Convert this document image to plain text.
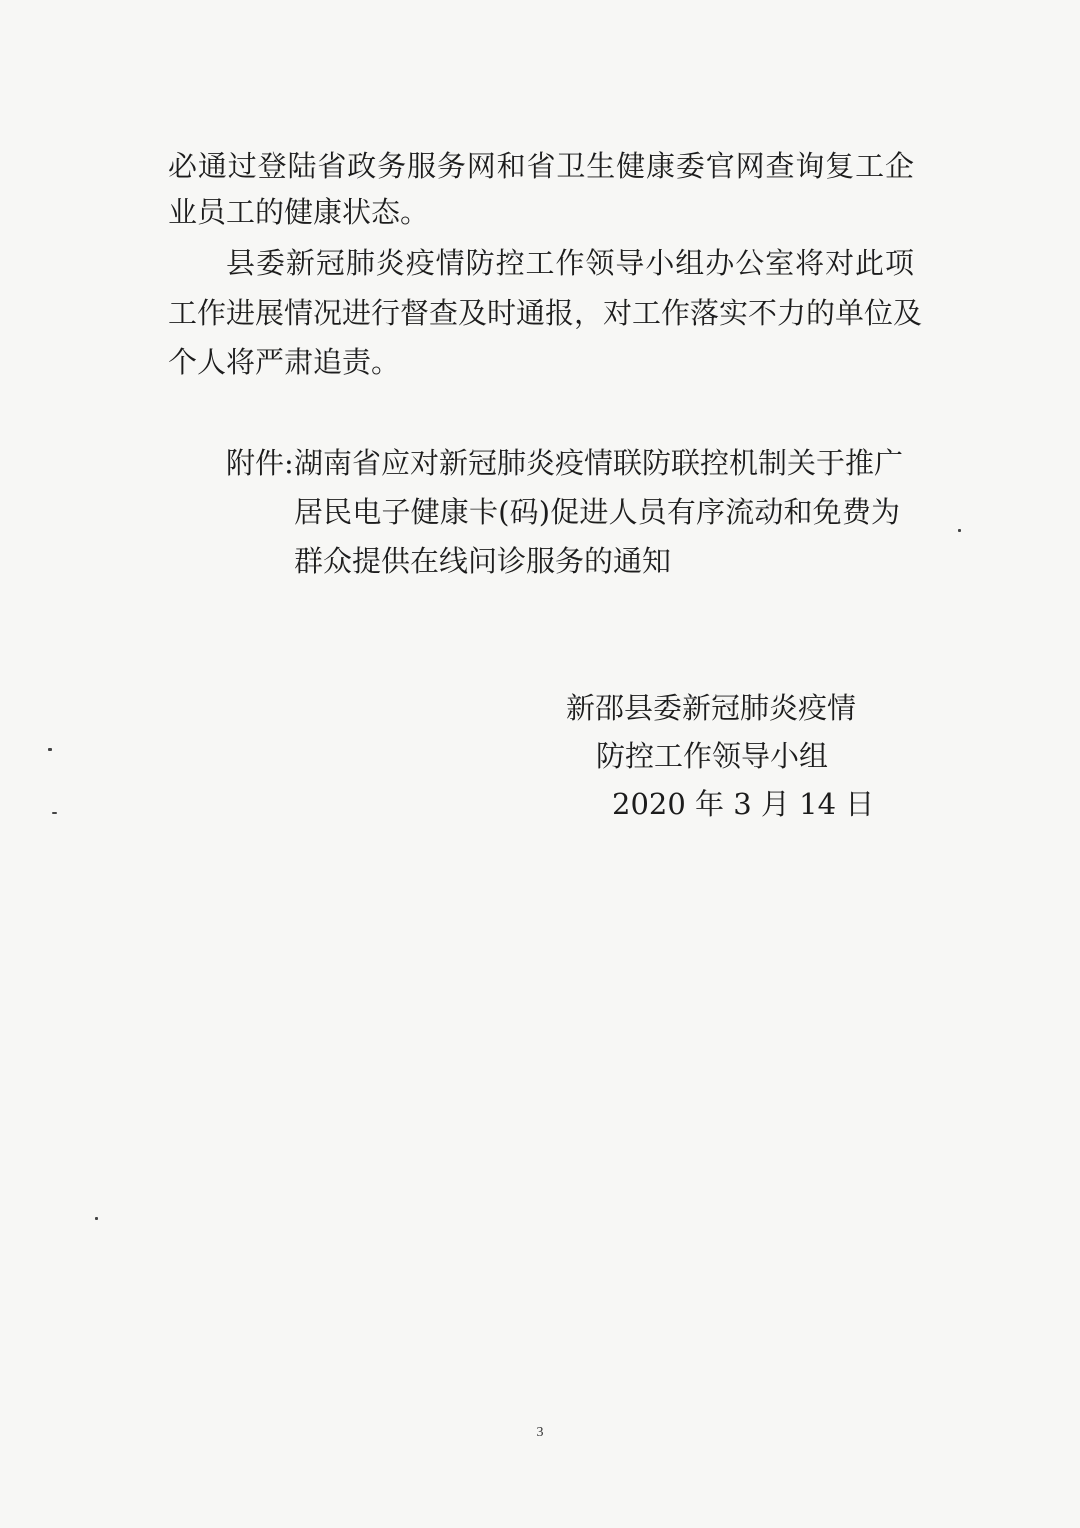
必通过登陆省政务服务网和省卫生健康委官网查询复工企
业员工的健康状态。
县委新冠肺炎疫情防控工作领导小组办公室将对此项
工作进展情况进行督查及时通报，对工作落实不力的单位及
个人将严肃追责。
附件: 湖南省应对新冠肺炎疫情联防联控机制关于推广
居民电子健康卡(码)促进人员有序流动和免费为
群众提供在线问诊服务的通知
新邵县委新冠肺炎疫情
防控工作领导小组
2020 年 3 月 14 日
3
